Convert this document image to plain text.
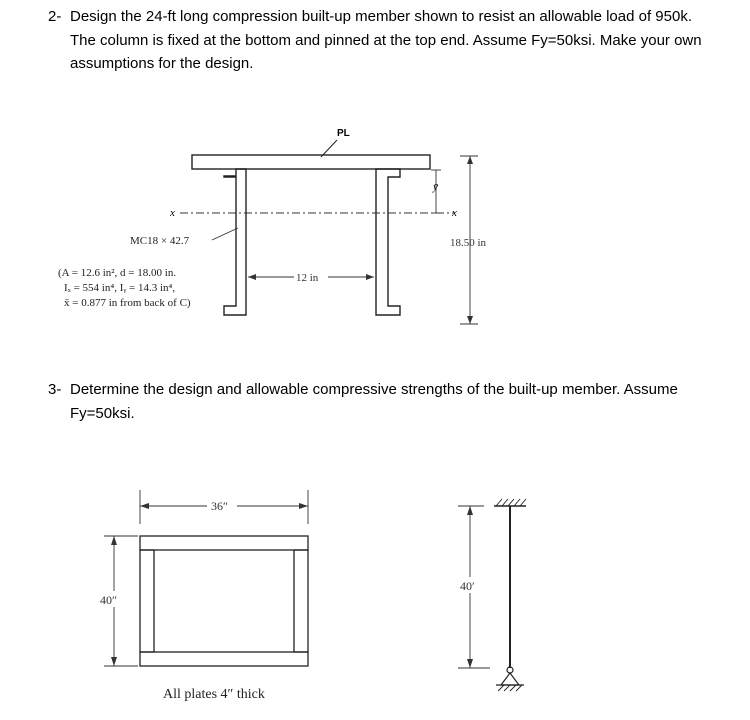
2- Design the 24-ft long compression built-up member shown to resist an allowable load of 950k. The column is fixed at the bottom and pinned at the top end. Assume Fy=50ksi. Make your own assumptions for the design.
PL
x	x
ȳ
18.50 in
12 in
MC18 × 42.7
(A = 12.6 in², d = 18.00 in.
Iₓ = 554 in⁴, Iᵧ = 14.3 in⁴,
x̄ = 0.877 in from back of C)
3- Determine the design and allowable compressive strengths of the built-up member. Assume Fy=50ksi.
36″
40″
All plates 4″ thick
40′
